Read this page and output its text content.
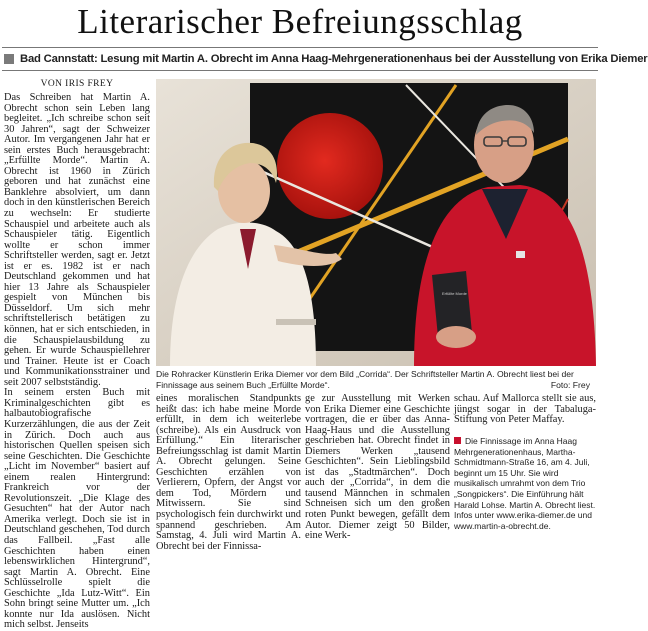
Literarischer Befreiungsschlag
Bad Cannstatt: Lesung mit Martin A. Obrecht im Anna Haag-Mehrgenerationenhaus bei der Ausstellung von Erika Diemer
VON IRIS FREY

Das Schreiben hat Martin A. Obrecht schon sein Leben lang begleitet. „Ich schreibe schon seit 30 Jahren“, sagt der Schweizer Autor. Im vergangenen Jahr hat er sein erstes Buch herausgebracht: „Erfüllte Morde“. Martin A. Obrecht ist 1960 in Zürich geboren und hat zunächst eine Banklehre absolviert, um dann doch in den künstlerischen Bereich zu wechseln: Er studierte Schauspiel und arbeitete auch als Schauspieler tätig. Eigentlich wollte er schon immer Schriftsteller werden, sagt er. Jetzt ist er es. 1982 ist er nach Deutschland gekommen und hat hier 13 Jahre als Schauspieler gespielt von München bis Düsseldorf. Um sich mehr schriftstellerisch betätigen zu können, hat er sich entschieden, in die Schauspielausbildung zu gehen. Er wurde Schauspiellehrer und Trainer. Heute ist er Coach und Kommunikationsstrainer und seit 2007 selbstständig.

In seinem ersten Buch mit Kriminalgeschichten gibt es halbautobiografische Kurzerzählungen, die aus der Zeit in Zürich. Doch auch aus historischen Quellen speisen sich seine Geschichten. Die Geschichte „Licht im November“ basiert auf einem realen Hintergrund: Frankreich vor der Revolutionszeit. „Die Klage des Gesuchten“ hat der Autor nach Amerika verlegt. Doch sie ist in Deutschland geschehen, Tod durch das Fallbeil. „Fast alle Geschichten haben einen lebenswirklichen Hintergrund“, sagt Martin A. Obrecht. Eine Schlüsselrolle spielt die Geschichte „Ida Lutz-Witt“. Ein Sohn bringt seine Mutter um. „Ich konnte nur Ida auslösen. Nicht mich selbst. Jenseits

Erfüllte Morde
Die Rohracker Künstlerin Erika Diemer vor dem Bild „Corrida“. Der Schriftsteller Martin A. Obrecht liest bei der Finnissage aus seinem Buch „Erfüllte Morde“.	Foto: Frey

eines moralischen Standpunkts heißt das: ich habe meine Morde erfüllt, in dem ich weiterlebe (schreibe). Als ein Ausdruck von Erfüllung.“ Ein literarischer Befreiungsschlag ist damit Martin A. Obrecht gelungen. Seine Geschichten erzählen von Verlierern, Opfern, der Angst vor dem Tod, Mördern und Mitwissern. Sie sind psychologisch fein durchwirkt und spannend geschrieben. Am Samstag, 4. Juli wird Martin A. Obrecht bei der Finnissa-

ge zur Ausstellung mit Werken von Erika Diemer eine Geschichte vortragen, die er über das Anna-Haag-Haus und die Ausstellung geschrieben hat. Obrecht findet in Diemers Werken „tausend Geschichten“. Sein Lieblingsbild ist das „Stadtmärchen“. Doch auch der „Corrida“, in dem die tausend Männchen in schmalen Schneisen sich um den großen roten Punkt bewegen, gefällt dem Autor. Diemer zeigt 50 Bilder, eine Werk-

schau. Auf Mallorca stellt sie aus, jüngst sogar in der Tabaluga-Stiftung von Peter Maffay.

Die Finnissage im Anna Haag Mehrgenerationenhaus, Martha-Schmidtmann-Straße 16, am 4. Juli, beginnt um 15 Uhr. Sie wird musikalisch umrahmt von dem Trio „Songpickers“. Die Einführung hält Harald Lohse. Martin A. Obrecht liest. Infos unter www.erika-diemer.de und www.martin-a-obrecht.de.
